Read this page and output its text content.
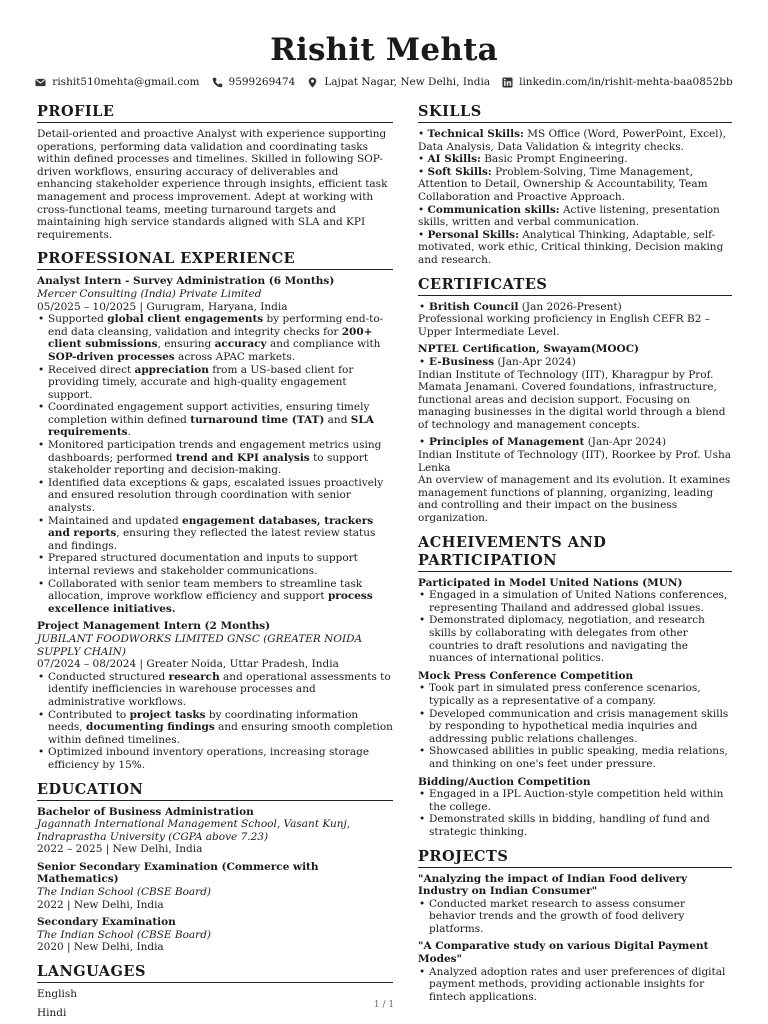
Rishit Mehta
rishit510mehta@gmail.com	9599269474	Lajpat Nagar, New Delhi, India	linkedin.com/in/rishit-mehta-baa0852bb
PROFILE
Detail-oriented and proactive Analyst with experience supporting operations, performing data validation and coordinating tasks within defined processes and timelines. Skilled in following SOP-driven workflows, ensuring accuracy of deliverables and enhancing stakeholder experience through insights, efficient task management and process improvement. Adept at working with cross-functional teams, meeting turnaround targets and maintaining high service standards aligned with SLA and KPI requirements.
PROFESSIONAL EXPERIENCE
Analyst Intern - Survey Administration (6 Months)
Mercer Consulting (India) Private Limited
05/2025 – 10/2025 | Gurugram, Haryana, India
• Supported global client engagements by performing end-to-end data cleansing, validation and integrity checks for 200+ client submissions, ensuring accuracy and compliance with SOP-driven processes across APAC markets.
• Received direct appreciation from a US-based client for providing timely, accurate and high-quality engagement support.
• Coordinated engagement support activities, ensuring timely completion within defined turnaround time (TAT) and SLA requirements.
• Monitored participation trends and engagement metrics using dashboards; performed trend and KPI analysis to support stakeholder reporting and decision-making.
• Identified data exceptions & gaps, escalated issues proactively and ensured resolution through coordination with senior analysts.
• Maintained and updated engagement databases, trackers and reports, ensuring they reflected the latest review status and findings.
• Prepared structured documentation and inputs to support internal reviews and stakeholder communications.
• Collaborated with senior team members to streamline task allocation, improve workflow efficiency and support process excellence initiatives.
Project Management Intern (2 Months)
JUBILANT FOODWORKS LIMITED GNSC (GREATER NOIDA SUPPLY CHAIN)
07/2024 – 08/2024 | Greater Noida, Uttar Pradesh, India
• Conducted structured research and operational assessments to identify inefficiencies in warehouse processes and administrative workflows.
• Contributed to project tasks by coordinating information needs, documenting findings and ensuring smooth completion within defined timelines.
• Optimized inbound inventory operations, increasing storage efficiency by 15%.
EDUCATION
Bachelor of Business Administration
Jagannath International Management School, Vasant Kunj, Indraprastha University (CGPA above 7.23)
2022 – 2025 | New Delhi, India
Senior Secondary Examination (Commerce with Mathematics)
The Indian School (CBSE Board)
2022 | New Delhi, India
Secondary Examination
The Indian School (CBSE Board)
2020 | New Delhi, India
LANGUAGES
English
Hindi
SKILLS
• Technical Skills: MS Office (Word, PowerPoint, Excel), Data Analysis, Data Validation & integrity checks.
• AI Skills: Basic Prompt Engineering.
• Soft Skills: Problem-Solving, Time Management, Attention to Detail, Ownership & Accountability, Team Collaboration and Proactive Approach.
• Communication skills: Active listening, presentation skills, written and verbal communication.
• Personal Skills: Analytical Thinking, Adaptable, self-motivated, work ethic, Critical thinking, Decision making and research.
CERTIFICATES
• British Council (Jan 2026-Present)
Professional working proficiency in English CEFR B2 – Upper Intermediate Level.
NPTEL Certification, Swayam(MOOC)
• E-Business (Jan-Apr 2024)
Indian Institute of Technology (IIT), Kharagpur by Prof. Mamata Jenamani. Covered foundations, infrastructure, functional areas and decision support. Focusing on managing businesses in the digital world through a blend of technology and management concepts.
• Principles of Management (Jan-Apr 2024)
Indian Institute of Technology (IIT), Roorkee by Prof. Usha Lenka
An overview of management and its evolution. It examines management functions of planning, organizing, leading and controlling and their impact on the business organization.
ACHEIVEMENTS AND PARTICIPATION
Participated in Model United Nations (MUN)
• Engaged in a simulation of United Nations conferences, representing Thailand and addressed global issues.
• Demonstrated diplomacy, negotiation, and research skills by collaborating with delegates from other countries to draft resolutions and navigating the nuances of international politics.
Mock Press Conference Competition
• Took part in simulated press conference scenarios, typically as a representative of a company.
• Developed communication and crisis management skills by responding to hypothetical media inquiries and addressing public relations challenges.
• Showcased abilities in public speaking, media relations, and thinking on one's feet under pressure.
Bidding/Auction Competition
• Engaged in a IPL Auction-style competition held within the college.
• Demonstrated skills in bidding, handling of fund and strategic thinking.
PROJECTS
"Analyzing the impact of Indian Food delivery Industry on Indian Consumer"
• Conducted market research to assess consumer behavior trends and the growth of food delivery platforms.
"A Comparative study on various Digital Payment Modes"
• Analyzed adoption rates and user preferences of digital payment methods, providing actionable insights for fintech applications.
1 / 1
